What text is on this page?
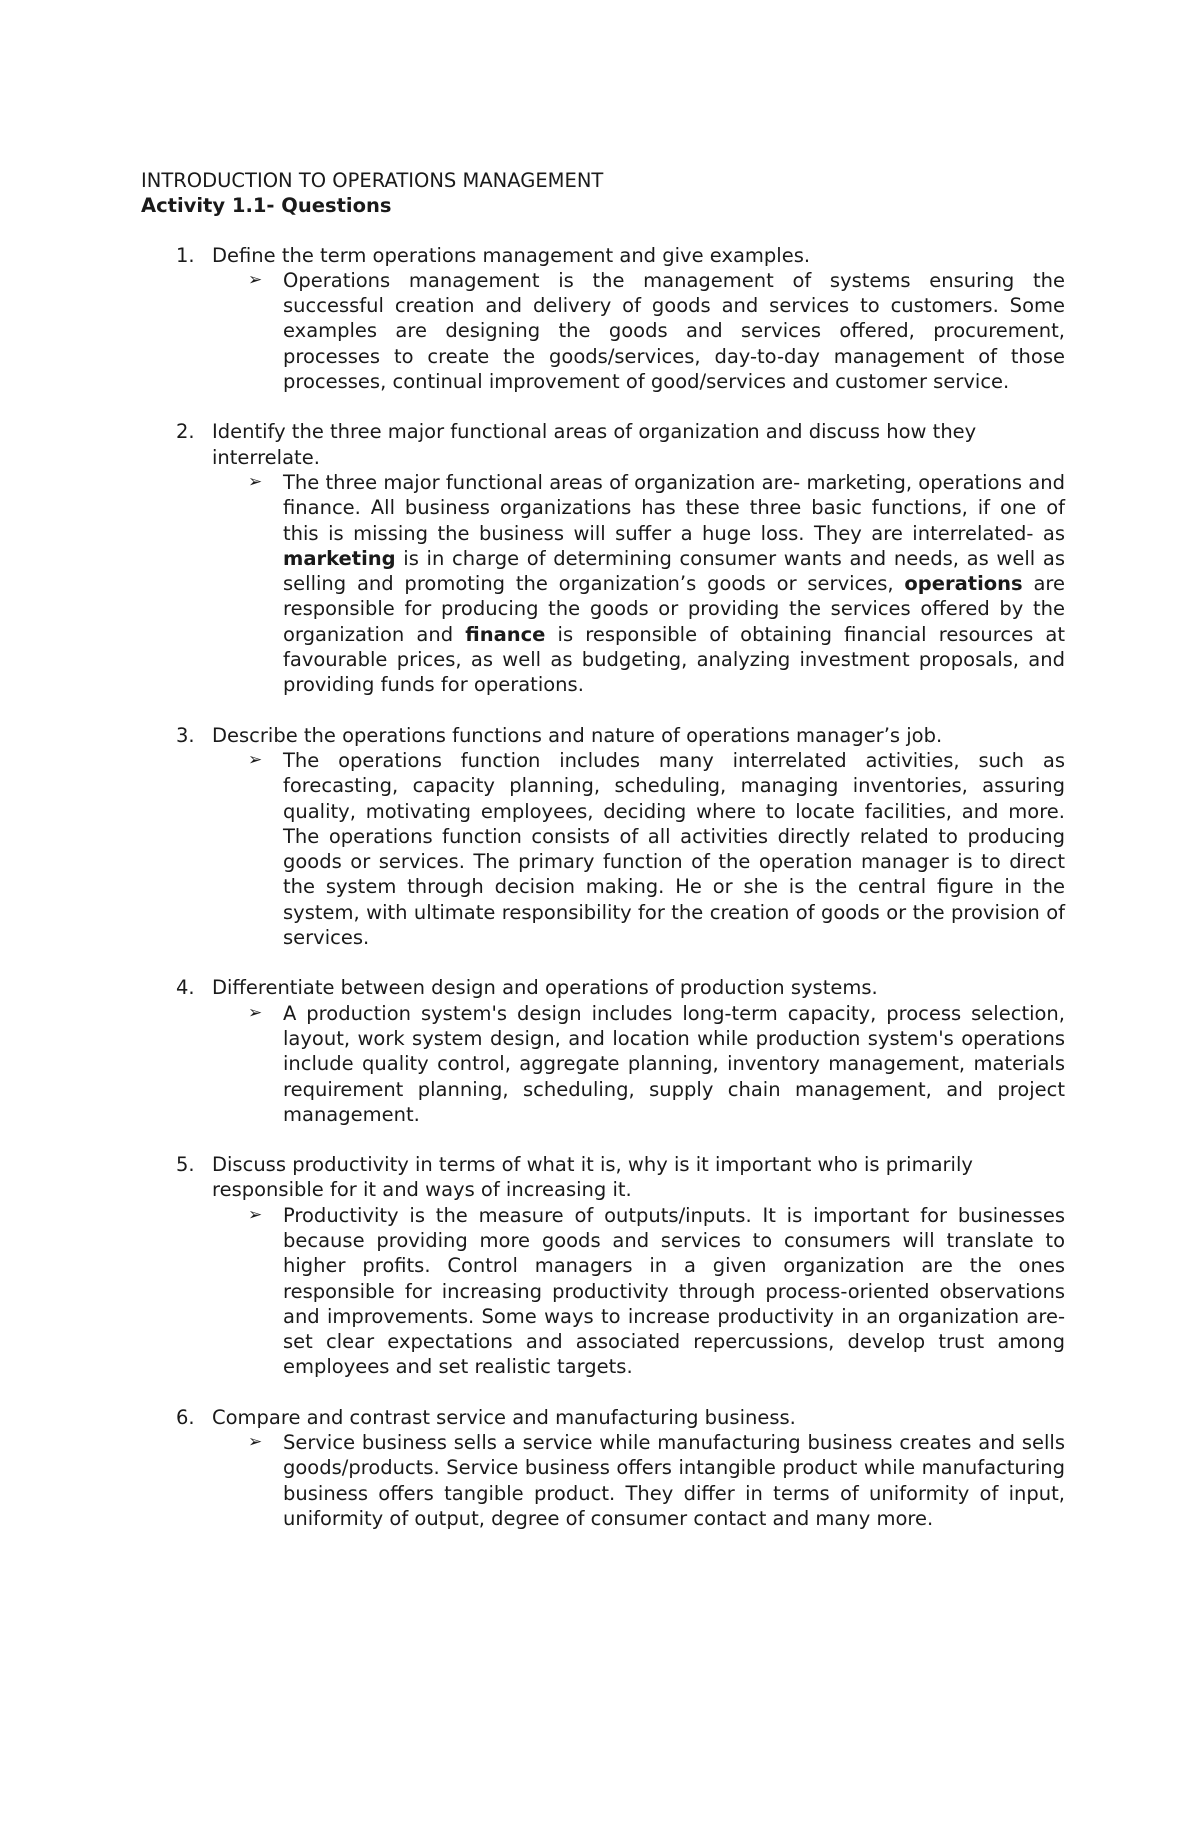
INTRODUCTION TO OPERATIONS MANAGEMENT
Activity 1.1- Questions
1. Define the term operations management and give examples.
➢ Operations management is the management of systems ensuring the successful creation and delivery of goods and services to customers. Some examples are designing the goods and services offered, procurement, processes to create the goods/services, day-to-day management of those processes, continual improvement of good/services and customer service.
2. Identify the three major functional areas of organization and discuss how they interrelate.
➢ The three major functional areas of organization are- marketing, operations and finance. All business organizations has these three basic functions, if one of this is missing the business will suffer a huge loss. They are interrelated- as marketing is in charge of determining consumer wants and needs, as well as selling and promoting the organization’s goods or services, operations are responsible for producing the goods or providing the services offered by the organization and finance is responsible of obtaining financial resources at favourable prices, as well as budgeting, analyzing investment proposals, and providing funds for operations.
3. Describe the operations functions and nature of operations manager’s job.
➢ The operations function includes many interrelated activities, such as forecasting, capacity planning, scheduling, managing inventories, assuring quality, motivating employees, deciding where to locate facilities, and more. The operations function consists of all activities directly related to producing goods or services. The primary function of the operation manager is to direct the system through decision making. He or she is the central figure in the system, with ultimate responsibility for the creation of goods or the provision of services.
4. Differentiate between design and operations of production systems.
➢ A production system's design includes long-term capacity, process selection, layout, work system design, and location while production system's operations include quality control, aggregate planning, inventory management, materials requirement planning, scheduling, supply chain management, and project management.
5. Discuss productivity in terms of what it is, why is it important who is primarily responsible for it and ways of increasing it.
➢ Productivity is the measure of outputs/inputs. It is important for businesses because providing more goods and services to consumers will translate to higher profits. Control managers in a given organization are the ones responsible for increasing productivity through process-oriented observations and improvements. Some ways to increase productivity in an organization are- set clear expectations and associated repercussions, develop trust among employees and set realistic targets.
6. Compare and contrast service and manufacturing business.
➢ Service business sells a service while manufacturing business creates and sells goods/products. Service business offers intangible product while manufacturing business offers tangible product. They differ in terms of uniformity of input, uniformity of output, degree of consumer contact and many more.
